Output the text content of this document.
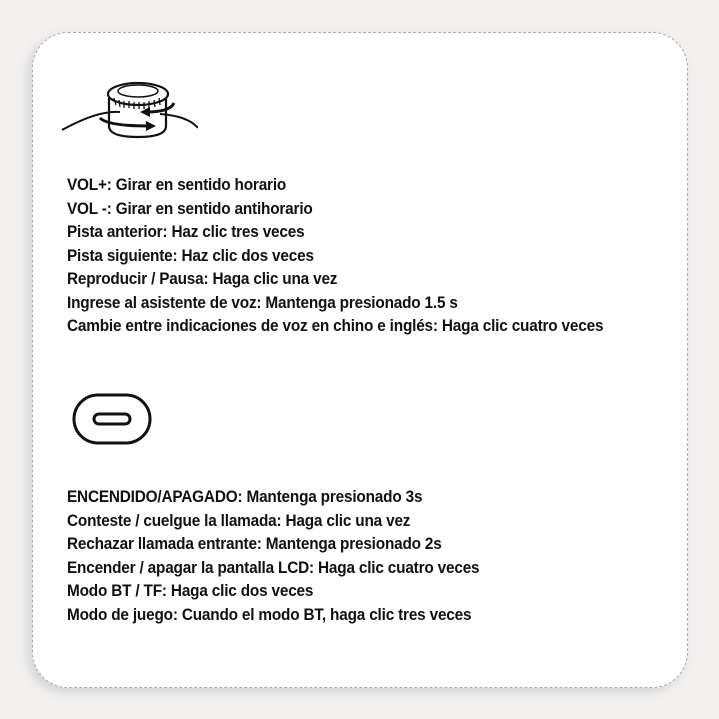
VOL+: Girar en sentido horario
VOL -: Girar en sentido antihorario
Pista anterior: Haz clic tres veces
Pista siguiente: Haz clic dos veces
Reproducir / Pausa: Haga clic una vez
Ingrese al asistente de voz: Mantenga presionado 1.5 s
Cambie entre indicaciones de voz en chino e inglés: Haga clic cuatro veces
ENCENDIDO/APAGADO: Mantenga presionado 3s
Conteste / cuelgue la llamada: Haga clic una vez
Rechazar llamada entrante: Mantenga presionado 2s
Encender / apagar la pantalla LCD: Haga clic cuatro veces
Modo BT / TF: Haga clic dos veces
Modo de juego: Cuando el modo BT, haga clic tres veces
